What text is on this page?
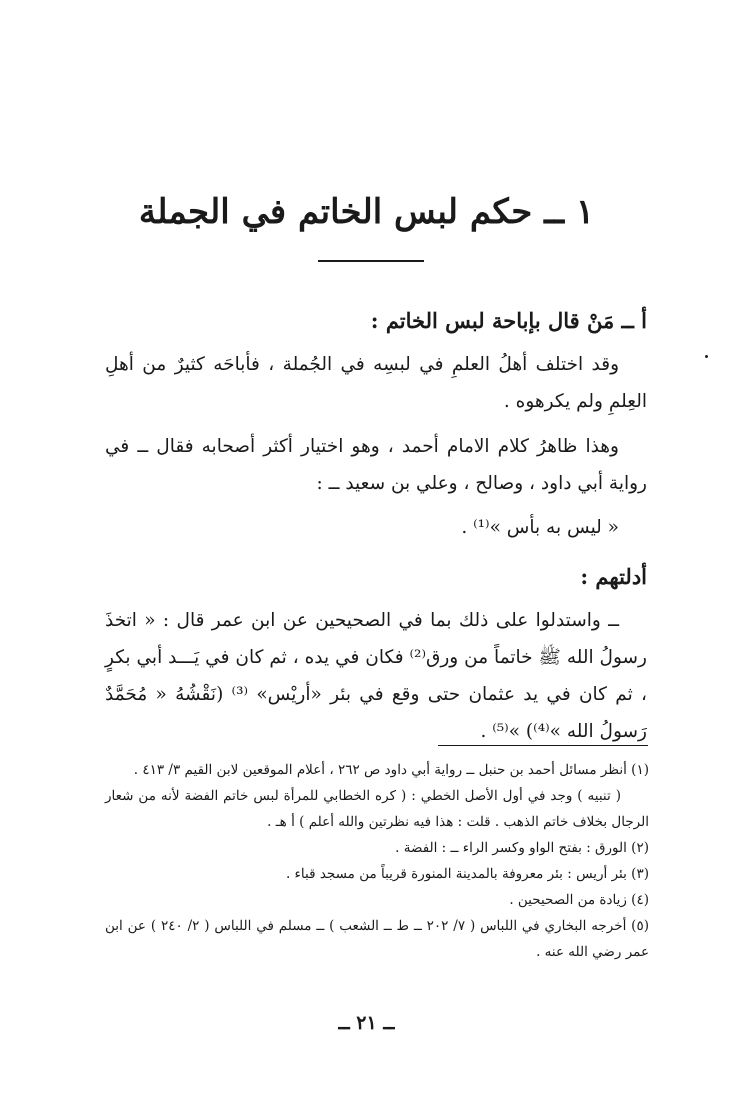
١ ــ حكم لبس الخاتم في الجملة

أ ــ مَنْ قال بإباحة لبس الخاتم :

وقد اختلف أهلُ العلمِ في لبسِه في الجُملة ، فأباحَه كثيرٌ من أهلِ العِلمِ ولم يكرهوه .

وهذا ظاهرُ كلام الامام أحمد ، وهو اختيار أكثر أصحابه فقال ــ في رواية أبي داود ، وصالح ، وعلي بن سعيد ــ :

« ليس به بأس »⁽¹⁾ .

أدلتهم :

ــ واستدلوا على ذلك بما في الصحيحين عن ابن عمر قال : « اتخذَ رسولُ الله ﷺ خاتماً من ورق⁽²⁾ فكان في يده ، ثم كان في يَـــد أبي بكرٍ ، ثم كان في يد عثمان حتى وقع في بئر «أريْس» ⁽³⁾ (نَقْشُهُ « مُحَمَّدٌ رَسولُ الله »⁽⁴⁾) »⁽⁵⁾ .

(١) أنظر مسائل أحمد بن حنبل ــ رواية أبي داود ص ٢٦٢ ، أعلام الموقعين لابن القيم ٣/ ٤١٣ .
( تنبيه ) وجد في أول الأصل الخطي : ( كره الخطابي للمرأة لبس خاتم الفضة لأنه من شعار الرجال بخلاف خاتم الذهب . قلت : هذا فيه نظرتين والله أعلم ) أ هـ .
(٢) الورق : بفتح الواو وكسر الراء ــ : الفضة .
(٣) بئر أريس : بئر معروفة بالمدينة المنورة قريباً من مسجد قباء .
(٤) زيادة من الصحيحين .
(٥) أخرجه البخاري في اللباس ( ٧/ ٢٠٢ ــ ط ــ الشعب ) ــ مسلم في اللباس ( ٢/ ٢٤٠ ) عن ابن عمر رضي الله عنه .

ــ ٢١ ــ
